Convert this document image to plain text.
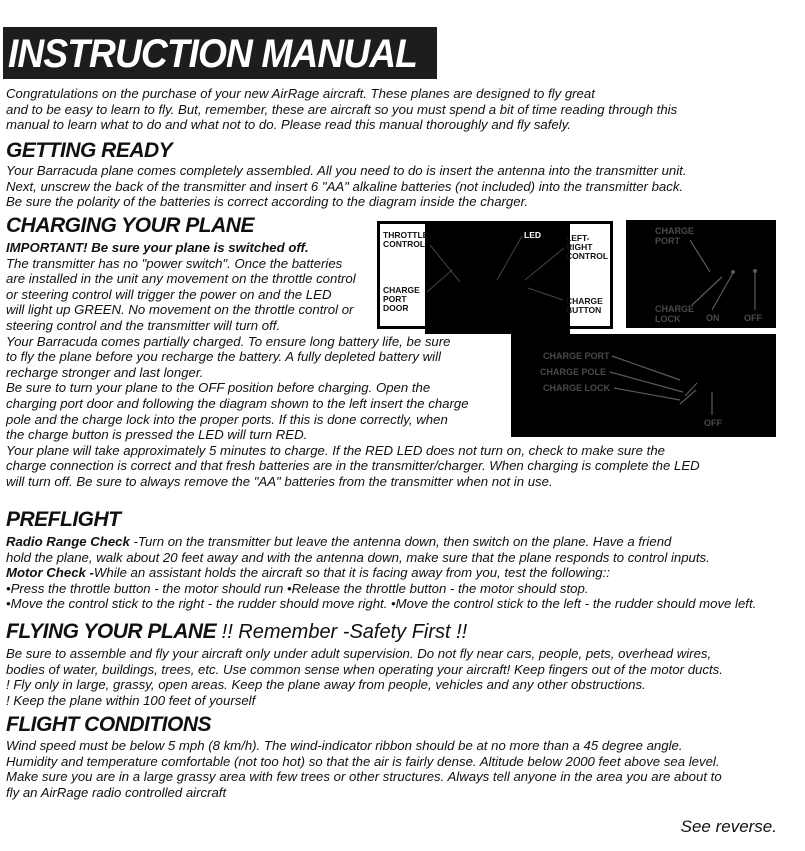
INSTRUCTION MANUAL
Congratulations on the purchase of your new AirRage aircraft. These planes are designed to fly great
and to be easy to learn to fly. But, remember, these are aircraft so you must spend a bit of time reading through this
manual to learn what to do and what not to do. Please read this manual thoroughly and fly safely.
GETTING READY
Your Barracuda plane comes completely assembled. All you need to do is insert the antenna into the transmitter unit.
Next, unscrew the back of the transmitter and insert 6 "AA" alkaline batteries (not included) into the transmitter back.
Be sure the polarity of the batteries is correct according to the diagram inside the charger.
CHARGING YOUR PLANE
IMPORTANT! Be sure your plane is switched off.
The transmitter has no "power switch". Once the batteries
are installed in the unit any movement on the throttle control
or steering control will trigger the power on and the LED
will light up GREEN. No movement on the throttle control or
steering control and the transmitter will turn off.
Your Barracuda comes partially charged. To ensure long battery life, be sure
to fly the plane before you recharge the battery. A fully depleted battery will
recharge stronger and last longer.
Be sure to turn your plane to the OFF position before charging. Open the
charging port door and following the diagram shown to the left insert the charge
pole and the charge lock into the proper ports. If this is done correctly, when
the charge button is pressed the LED will turn RED.
Your plane will take approximately 5 minutes to charge. If the RED LED does not turn on, check to make sure the
charge connection is correct and that fresh batteries are in the transmitter/charger. When charging is complete the LED
will turn off. Be sure to always remove the "AA" batteries from the transmitter when not in use.
THROTTLE
CONTROL
LED	LEFT-
RIGHT
CONTROL
CHARGE
PORT
DOOR
CHARGE
BUTTON
CHARGE
PORT
CHARGE
LOCK	ON	OFF
CHARGE PORT
CHARGE POLE
CHARGE LOCK
OFF
PREFLIGHT
Radio Range Check -Turn on the transmitter but leave the antenna down, then switch on the plane. Have a friend
hold the plane, walk about 20 feet away and with the antenna down, make sure that the plane responds to control inputs.
Motor Check -While an assistant holds the aircraft so that it is facing away from you, test the following::
•Press the throttle button - the motor should run •Release the throttle button - the motor should stop.
•Move the control stick to the right - the rudder should move right. •Move the control stick to the left - the rudder should move left.
FLYING YOUR PLANE !! Remember -Safety First !!
Be sure to assemble and fly your aircraft only under adult supervision. Do not fly near cars, people, pets, overhead wires,
bodies of water, buildings, trees, etc. Use common sense when operating your aircraft! Keep fingers out of the motor ducts.
! Fly only in large, grassy, open areas. Keep the plane away from people, vehicles and any other obstructions.
! Keep the plane within 100 feet of yourself
FLIGHT CONDITIONS
Wind speed must be below 5 mph (8 km/h). The wind-indicator ribbon should be at no more than a 45 degree angle.
Humidity and temperature comfortable (not too hot) so that the air is fairly dense. Altitude below 2000 feet above sea level.
Make sure you are in a large grassy area with few trees or other structures. Always tell anyone in the area you are about to
fly an AirRage radio controlled aircraft
See reverse.
